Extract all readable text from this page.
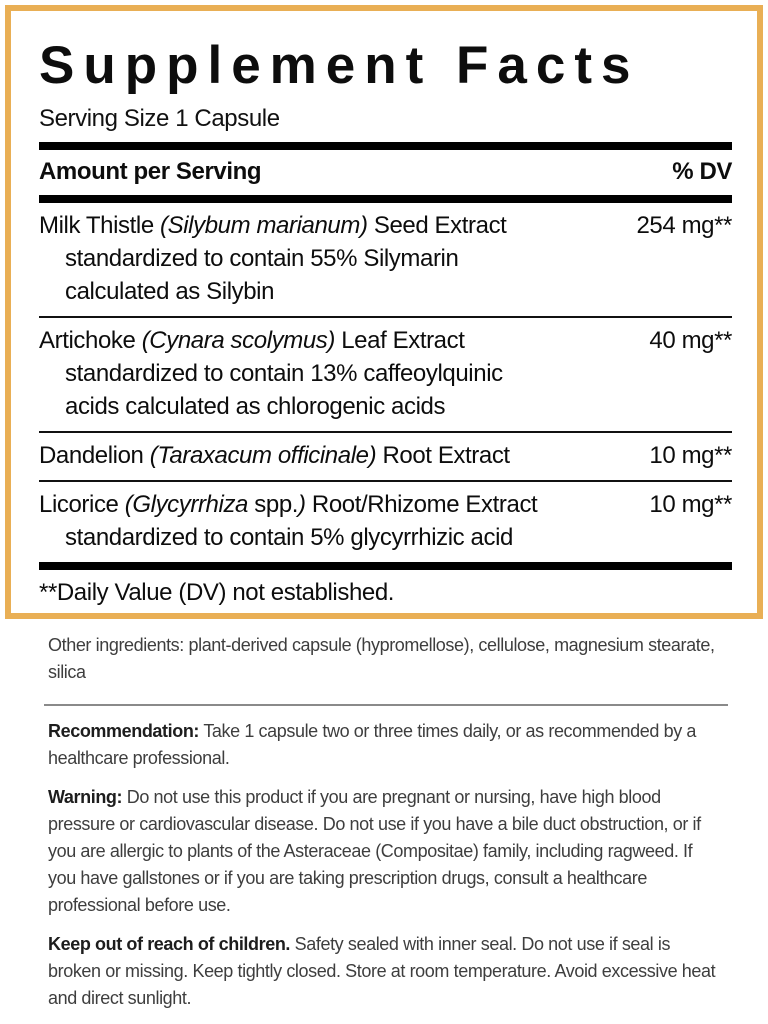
Supplement Facts
Serving Size 1 Capsule
Amount per Serving	% DV
Milk Thistle (Silybum marianum) Seed Extract	254 mg**
standardized to contain 55% Silymarin
calculated as Silybin
Artichoke (Cynara scolymus) Leaf Extract	40 mg**
standardized to contain 13% caffeoylquinic
acids calculated as chlorogenic acids
Dandelion (Taraxacum officinale) Root Extract	10 mg**
Licorice (Glycyrrhiza spp.) Root/Rhizome Extract	10 mg**
standardized to contain 5% glycyrrhizic acid
**Daily Value (DV) not established.

Other ingredients: plant-derived capsule (hypromellose), cellulose, magnesium stearate, silica

Recommendation: Take 1 capsule two or three times daily, or as recommended by a healthcare professional.

Warning: Do not use this product if you are pregnant or nursing, have high blood pressure or cardiovascular disease. Do not use if you have a bile duct obstruction, or if you are allergic to plants of the Asteraceae (Compositae) family, including ragweed. If you have gallstones or if you are taking prescription drugs, consult a healthcare professional before use.

Keep out of reach of children. Safety sealed with inner seal. Do not use if seal is broken or missing. Keep tightly closed. Store at room temperature. Avoid excessive heat and direct sunlight.
